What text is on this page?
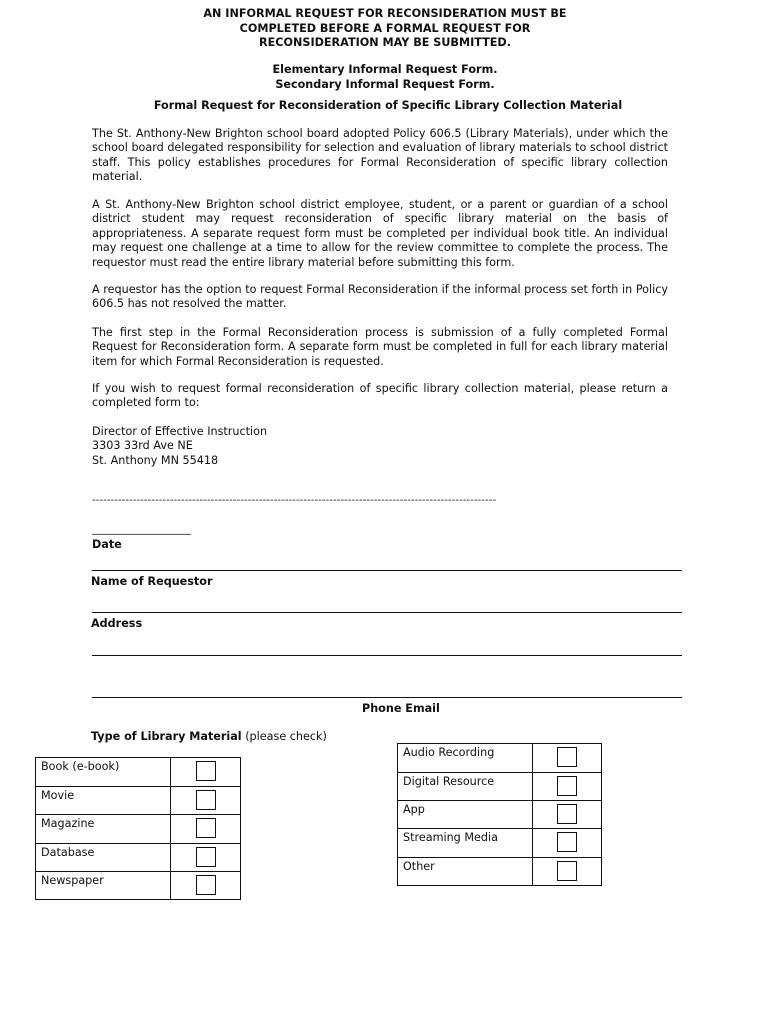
AN INFORMAL REQUEST FOR RECONSIDERATION MUST BE
COMPLETED BEFORE A FORMAL REQUEST FOR
RECONSIDERATION MAY BE SUBMITTED.
Elementary Informal Request Form.
Secondary Informal Request Form.
Formal Request for Reconsideration of Specific Library Collection Material
The St. Anthony-New Brighton school board adopted Policy 606.5 (Library Materials), under which the school board delegated responsibility for selection and evaluation of library materials to school district staff. This policy establishes procedures for Formal Reconsideration of specific library collection material.
A St. Anthony-New Brighton school district employee, student, or a parent or guardian of a school district student may request reconsideration of specific library material on the basis of appropriateness. A separate request form must be completed per individual book title. An individual may request one challenge at a time to allow for the review committee to complete the process. The requestor must read the entire library material before submitting this form.
A requestor has the option to request Formal Reconsideration if the informal process set forth in Policy 606.5 has not resolved the matter.
The first step in the Formal Reconsideration process is submission of a fully completed Formal Request for Reconsideration form. A separate form must be completed in full for each library material item for which Formal Reconsideration is requested.
If you wish to request formal reconsideration of specific library collection material, please return a completed form to:
Director of Effective Instruction
3303 33rd Ave NE
St. Anthony MN 55418
-------------------------------------------------------------------------------------------------------------
__________________
Date
Name of Requestor
Address
Phone Email
Type of Library Material (please check)
Book (e-book)	

Movie	

Magazine	

Database	

Newspaper	
Audio Recording	

Digital Resource	

App	

Streaming Media	

Other	
